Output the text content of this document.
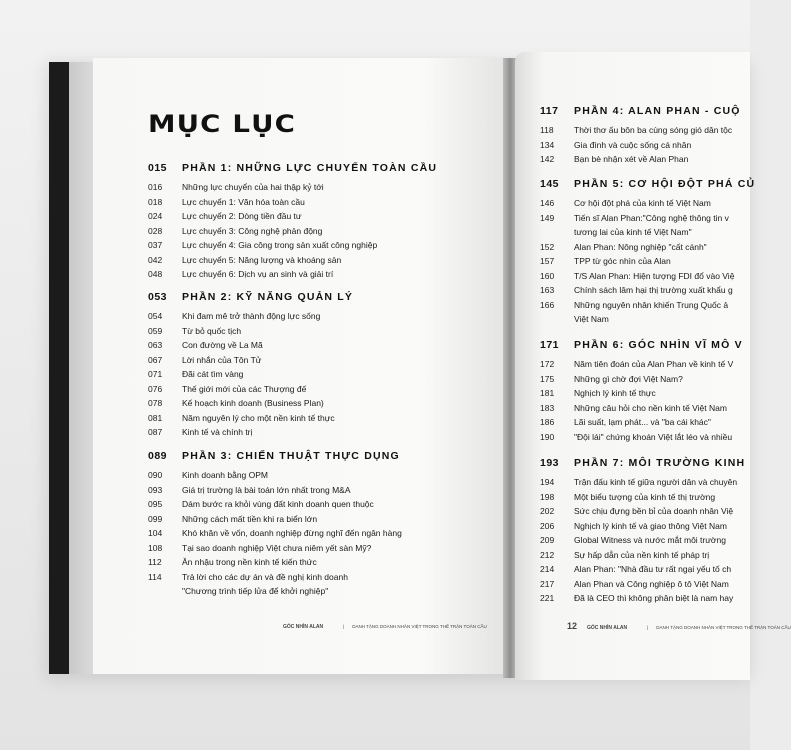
MỤC LỤC
015	PHẦN 1: NHỮNG LỰC CHUYỂN TOÀN CẦU
016	Những lực chuyển của hai thập kỷ tới
018	Lực chuyển 1: Văn hóa toàn cầu
024	Lực chuyển 2: Dòng tiền đầu tư
028	Lực chuyển 3: Công nghệ phản động
037	Lực chuyển 4: Gia công trong sản xuất công nghiệp
042	Lực chuyển 5: Năng lượng và khoáng sản
048	Lực chuyển 6: Dịch vụ an sinh và giải trí
053	PHẦN 2: KỸ NĂNG QUẢN LÝ
054	Khi đam mê trở thành động lực sống
059	Từ bỏ quốc tịch
063	Con đường về La Mã
067	Lời nhắn của Tôn Tử
071	Đãi cát tìm vàng
076	Thế giới mới của các Thượng đế
078	Kế hoạch kinh doanh (Business Plan)
081	Năm nguyên lý cho một nền kinh tế thực
087	Kinh tế và chính trị
089	PHẦN 3: CHIẾN THUẬT THỰC DỤNG
090	Kinh doanh bằng OPM
093	Giá trị trường là bài toán lớn nhất trong M&A
095	Dám bước ra khỏi vùng đất kinh doanh quen thuộc
099	Những cách mất tiền khi ra biển lớn
104	Khó khăn về vốn, doanh nghiệp đừng nghĩ đến ngân hàng
108	Tại sao doanh nghiệp Việt chưa niêm yết sàn Mỹ?
112	Ăn nhậu trong nền kinh tế kiến thức
114	Trả lời cho các dự án và đề nghị kinh doanh
"Chương trình tiếp lửa để khởi nghiệp"
GÓC NHÌN ALAN	| DANH TẶNG DOANH NHÂN VIỆT TRONG THẾ TRẬN TOÀN CẦU
117	PHẦN 4: ALAN PHAN - CUỘ
118	Thời thơ ấu bôn ba cùng sóng gió dân tộc
134	Gia đình và cuộc sống cá nhân
142	Bạn bè nhận xét về Alan Phan
145	PHẦN 5: CƠ HỘI ĐỘT PHÁ CỦ
146	Cơ hội đột phá của kinh tế Việt Nam
149	Tiến sĩ Alan Phan:"Công nghệ thông tin v
tương lai của kinh tế Việt Nam"
152	Alan Phan: Nông nghiệp "cất cánh"
157	TPP từ góc nhìn của Alan
160	T/S Alan Phan: Hiện tượng FDI đổ vào Việ
163	Chính sách lâm hại thị trường xuất khẩu g
166	Những nguyên nhân khiến Trung Quốc ả
Việt Nam
171	PHẦN 6: GÓC NHÌN VĨ MÔ V
172	Năm tiên đoán của Alan Phan về kinh tế V
175	Những gì chờ đợi Việt Nam?
181	Nghịch lý kinh tế thực
183	Những câu hỏi cho nền kinh tế Việt Nam
186	Lãi suất, lạm phát... và "ba cái khác"
190	"Đội lái" chứng khoán Việt lắt léo và nhiều
193	PHẦN 7: MÔI TRƯỜNG KINH
194	Trận đấu kinh tế giữa người dân và chuyên
198	Một biểu tượng của kinh tế thị trường
202	Sức chịu đựng bền bỉ của doanh nhân Việ
206	Nghịch lý kinh tế và giao thông Việt Nam
209	Global Witness và nước mắt môi trường
212	Sự hấp dẫn của nền kinh tế pháp trị
214	Alan Phan: "Nhà đầu tư rất ngại yếu tố ch
217	Alan Phan và Công nghiệp ô tô Việt Nam
221	Đã là CEO thì không phân biệt là nam hay
12 GÓC NHÌN ALAN	| DANH TẶNG DOANH NHÂN VIỆT TRONG THẾ TRẬN TOÀN CẦU
